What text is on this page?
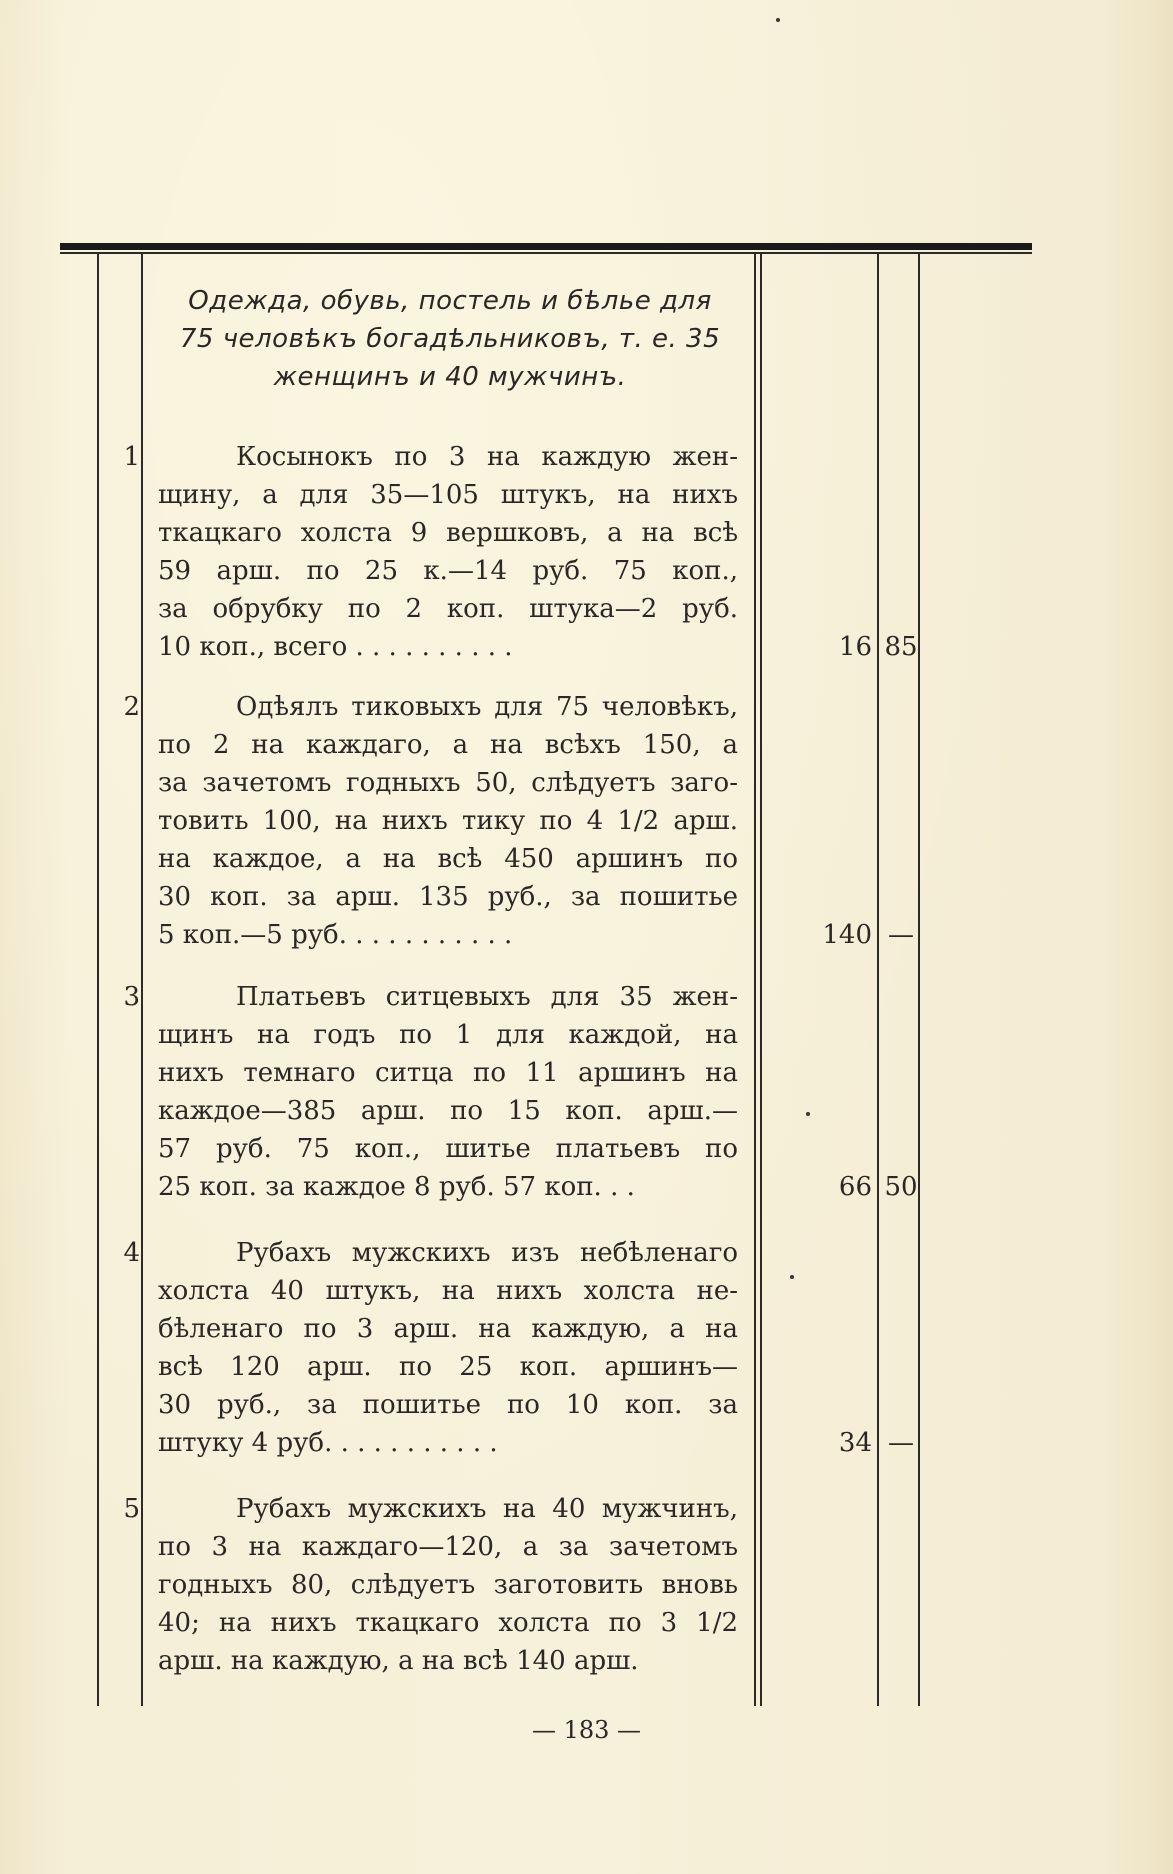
Одежда, обувь, постель и бѣлье для
75 человѣкъ богадѣльниковъ, т. е. 35
женщинъ и 40 мужчинъ.
1	Косынокъ по 3 на каждую жен-
щину, а для 35—105 штукъ, на нихъ
ткацкаго холста 9 вершковъ, а на всѣ
59 арш. по 25 к.—14 руб. 75 коп.,
за обрубку по 2 коп. штука—2 руб.
10 коп., всего . . . . . . . . . .	16 85
2	Одѣялъ тиковыхъ для 75 человѣкъ,
по 2 на каждаго, а на всѣхъ 150, а
за зачетомъ годныхъ 50, слѣдуетъ заго-
товить 100, на нихъ тику по 4 1/2 арш.
на каждое, а на всѣ 450 аршинъ по
30 коп. за арш. 135 руб., за пошитье
5 коп.—5 руб. . . . . . . . . . .	140 —
3	Платьевъ ситцевыхъ для 35 жен-
щинъ на годъ по 1 для каждой, на
нихъ темнаго ситца по 11 аршинъ на
каждое—385 арш. по 15 коп. арш.—
57 руб. 75 коп., шитье платьевъ по
25 коп. за каждое 8 руб. 57 коп. . .	66 50
4	Рубахъ мужскихъ изъ небѣленаго
холста 40 штукъ, на нихъ холста не-
бѣленаго по 3 арш. на каждую, а на
всѣ 120 арш. по 25 коп. аршинъ—
30 руб., за пошитье по 10 коп. за
штуку 4 руб. . . . . . . . . . .	34 —
5	Рубахъ мужскихъ на 40 мужчинъ,
по 3 на каждаго—120, а за зачетомъ
годныхъ 80, слѣдуетъ заготовить вновь
40; на нихъ ткацкаго холста по 3 1/2
арш. на каждую, а на всѣ 140 арш.
— 183 —
